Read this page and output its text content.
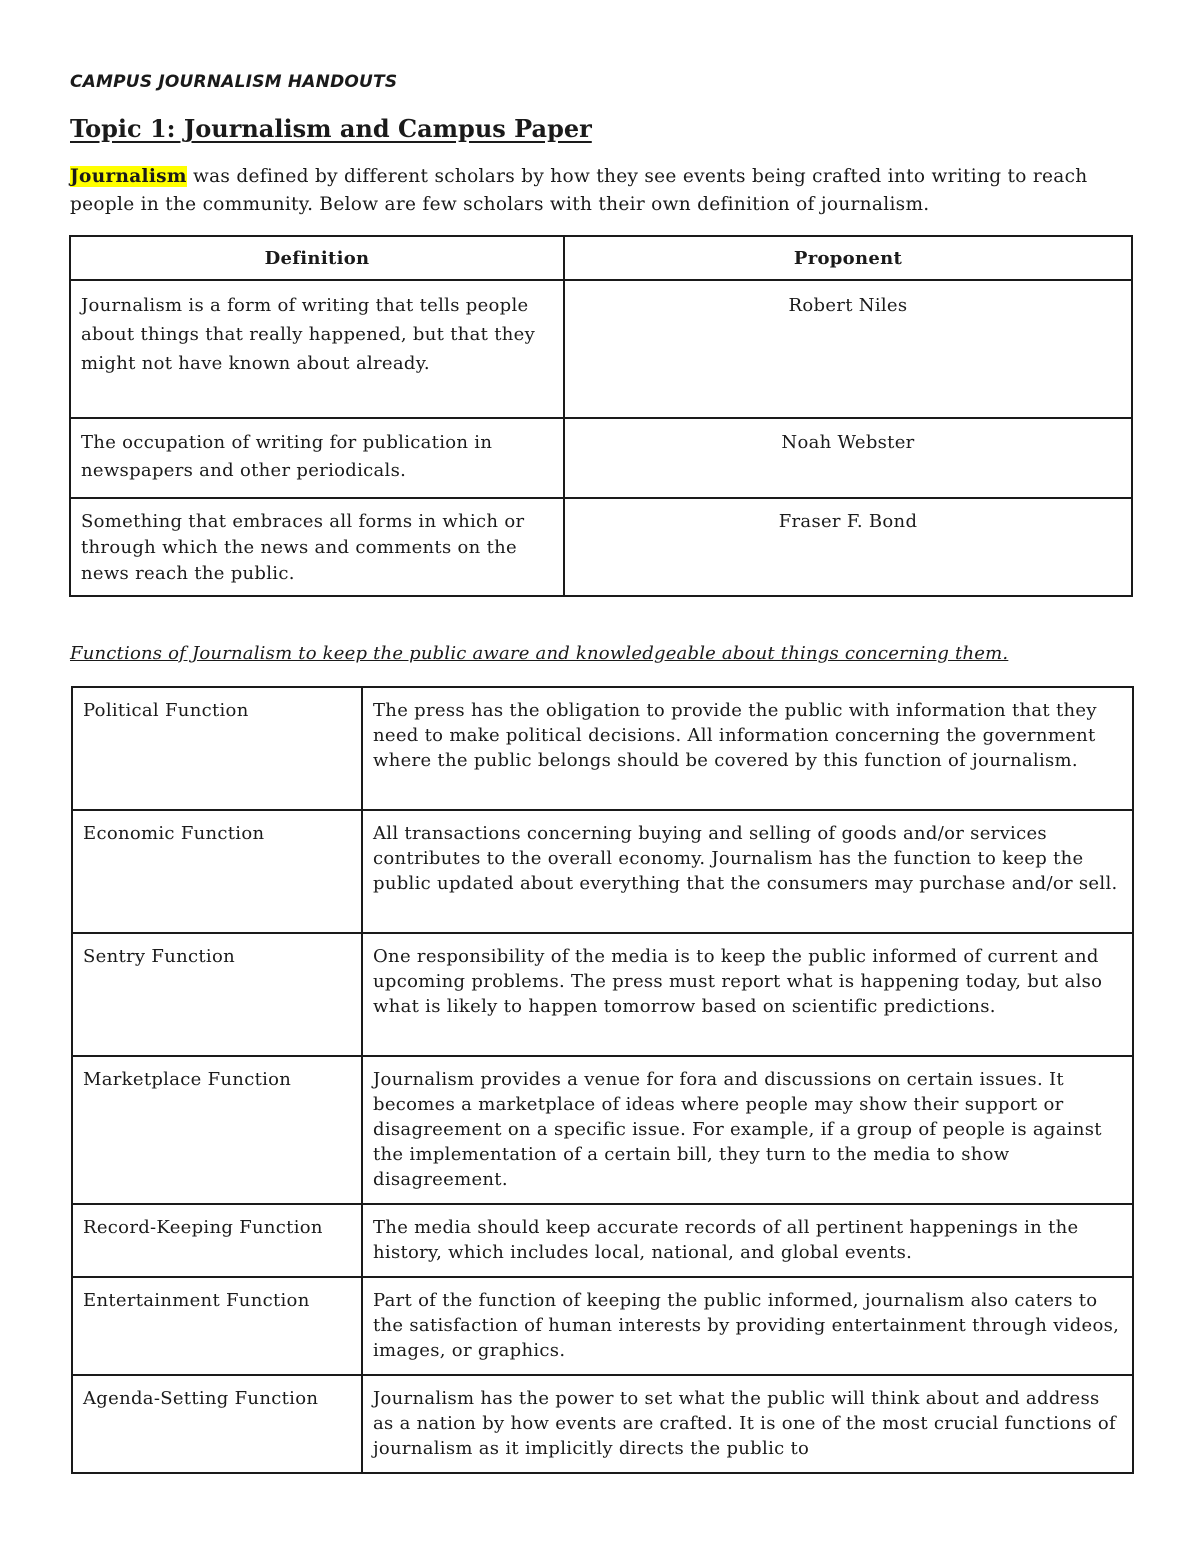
CAMPUS JOURNALISM HANDOUTS
Topic 1: Journalism and Campus Paper
Journalism was defined by different scholars by how they see events being crafted into writing to reach people in the community. Below are few scholars with their own definition of journalism.
Definition	Proponent
Journalism is a form of writing that tells people about things that really happened, but that they might not have known about already.	Robert Niles
The occupation of writing for publication in newspapers and other periodicals.	Noah Webster
Something that embraces all forms in which or through which the news and comments on the news reach the public.	Fraser F. Bond
Functions of Journalism to keep the public aware and knowledgeable about things concerning them.
Political Function	The press has the obligation to provide the public with information that they need to make political decisions. All information concerning the government where the public belongs should be covered by this function of journalism.
Economic Function	All transactions concerning buying and selling of goods and/or services contributes to the overall economy. Journalism has the function to keep the public updated about everything that the consumers may purchase and/or sell.
Sentry Function	One responsibility of the media is to keep the public informed of current and upcoming problems. The press must report what is happening today, but also what is likely to happen tomorrow based on scientific predictions.
Marketplace Function	Journalism provides a venue for fora and discussions on certain issues. It becomes a marketplace of ideas where people may show their support or disagreement on a specific issue. For example, if a group of people is against the implementation of a certain bill, they turn to the media to show disagreement.
Record-Keeping Function	The media should keep accurate records of all pertinent happenings in the history, which includes local, national, and global events.
Entertainment Function	Part of the function of keeping the public informed, journalism also caters to the satisfaction of human interests by providing entertainment through videos, images, or graphics.
Agenda-Setting Function	Journalism has the power to set what the public will think about and address as a nation by how events are crafted. It is one of the most crucial functions of journalism as it implicitly directs the public to
